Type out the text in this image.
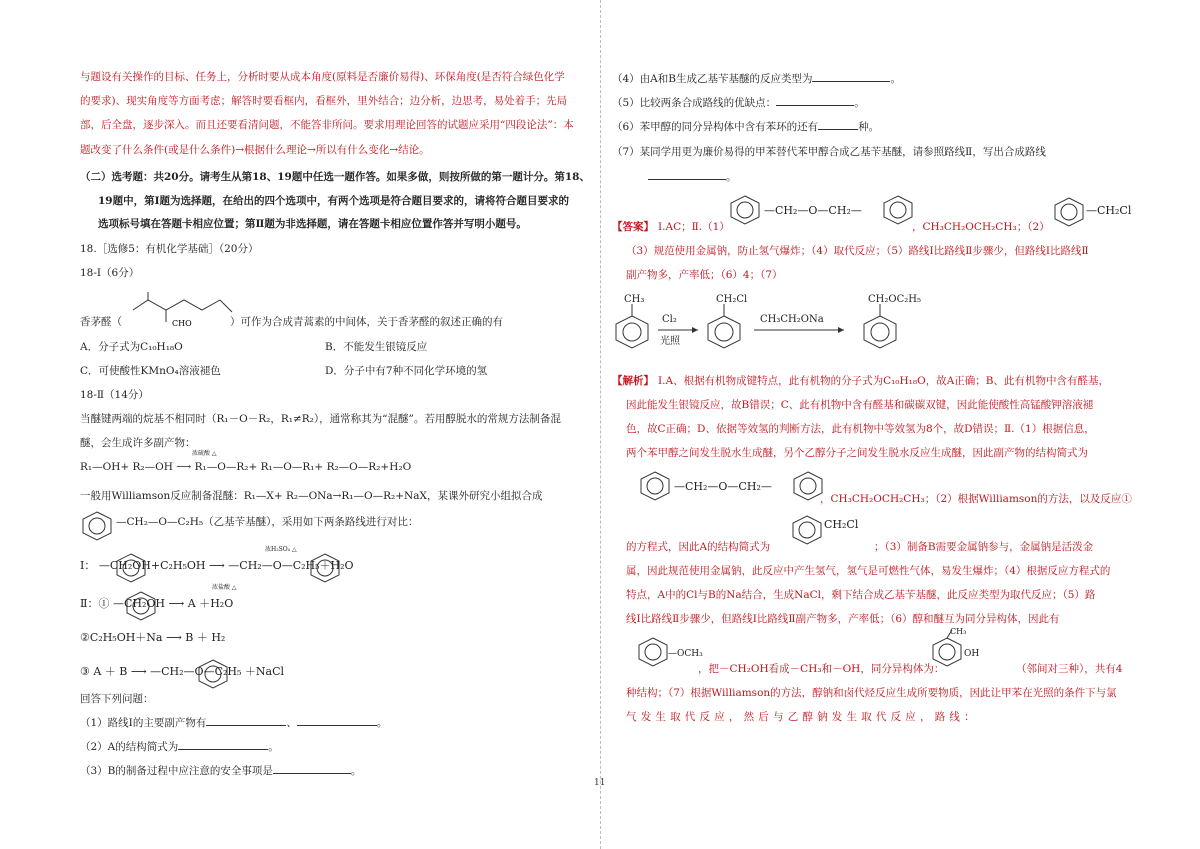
与题设有关操作的目标、任务上，分析时要从成本角度(原料是否廉价易得)、环保角度(是否符合绿色化学
的要求)、现实角度等方面考虑；解答时要看框内，看框外，里外结合；边分析，边思考，易处着手；先局
部，后全盘，逐步深入。而且还要看清问题，不能答非所问。要求用理论回答的试题应采用“四段论法”：本
题改变了什么条件(或是什么条件)→根据什么理论→所以有什么变化→结论。
（二）选考题：共20分。请考生从第18、19题中任选一题作答。如果多做，则按所做的第一题计分。第18、
19题中，第Ⅰ题为选择题，在给出的四个选项中，有两个选项是符合题目要求的，请将符合题目要求的
选项标号填在答题卡相应位置；第Ⅱ题为非选择题，请在答题卡相应位置作答并写明小题号。
18.［选修5：有机化学基础］（20分）
18-Ⅰ（6分）
CHO
香茅醛（	）可作为合成青蒿素的中间体，关于香茅醛的叙述正确的有
A．分子式为C₁₀H₁₈O	B．不能发生银镜反应
C．可使酸性KMnO₄溶液褪色	D．分子中有7种不同化学环境的氢
18-Ⅱ（14分）
当醚键两端的烷基不相同时（R₁－O－R₂，R₁≠R₂），通常称其为“混醚”。若用醇脱水的常规方法制备混
醚，会生成许多副产物：
R₁—OH+ R₂—OH ⟶ R₁—O—R₂+ R₁—O—R₁+ R₂—O—R₂+H₂O
浓硫酸 △
一般用Williamson反应制备混醚：R₁—X+ R₂—ONa→R₁—O—R₂+NaX，某课外研究小组拟合成
—CH₂—O—C₂H₅（乙基苄基醚），采用如下两条路线进行对比：
Ⅰ： —CH₂OH+C₂H₅OH ⟶ —CH₂—O—C₂H₅＋H₂O
浓H₂SO₄ △
Ⅱ：① —CH₂OH ⟶ A ＋H₂O
浓盐酸 △
②C₂H₅OH＋Na ⟶ B ＋ H₂
③ A ＋ B ⟶ —CH₂—O—C₂H₅ ＋NaCl
回答下列问题：
（1）路线Ⅰ的主要副产物有	、	。
（2）A的结构简式为	。
（3）B的制备过程中应注意的安全事项是	。
11
（4）由A和B生成乙基苄基醚的反应类型为	。
（5）比较两条合成路线的优缺点：	。
（6）苯甲醇的同分异构体中含有苯环的还有	种。
（7）某同学用更为廉价易得的甲苯替代苯甲醇合成乙基苄基醚，请参照路线Ⅱ，写出合成路线
。
【答案】 Ⅰ.AC；Ⅱ.（1）
—CH₂—O—CH₂—
，CH₃CH₂OCH₂CH₃；（2）
—CH₂Cl
（3）规范使用金属钠，防止氢气爆炸；（4）取代反应；（5）路线Ⅰ比路线Ⅱ步骤少，但路线Ⅰ比路线Ⅱ
副产物多，产率低；（6）4；（7）
CH₃
Cl₂
光照
CH₂Cl
CH₃CH₂ONa
CH₂OC₂H₅
【解析】 Ⅰ.A、根据有机物成键特点，此有机物的分子式为C₁₀H₁₈O，故A正确；B、此有机物中含有醛基，
因此能发生银镜反应，故B错误；C、此有机物中含有醛基和碳碳双键，因此能使酸性高锰酸钾溶液褪
色，故C正确；D、依据等效氢的判断方法，此有机物中等效氢为8个，故D错误；Ⅱ.（1）根据信息，
两个苯甲醇之间发生脱水生成醚，另个乙醇分子之间发生脱水反应生成醚，因此副产物的结构简式为
—CH₂—O—CH₂—
，CH₃CH₂OCH₂CH₃；（2）根据Williamson的方法，以及反应①
CH₂Cl
的方程式，因此A的结构简式为	；（3）制备B需要金属钠参与，金属钠是活泼金
属，因此规范使用金属钠，此反应中产生氢气，氢气是可燃性气体，易发生爆炸；（4）根据反应方程式的
特点，A中的Cl与B的Na结合，生成NaCl，剩下结合成乙基苄基醚，此反应类型为取代反应；（5）路
线Ⅰ比路线Ⅱ步骤少，但路线Ⅰ比路线Ⅱ副产物多，产率低；（6）醇和醚互为同分异构体，因此有
—OCH₃
，把－CH₂OH看成－CH₃和－OH，同分异构体为：
CH₃
OH
（邻间对三种），共有4
种结构；（7）根据Williamson的方法，醇钠和卤代烃反应生成所要物质，因此让甲苯在光照的条件下与氯
气发生取代反应，然后与乙醇钠发生取代反应，路线：
